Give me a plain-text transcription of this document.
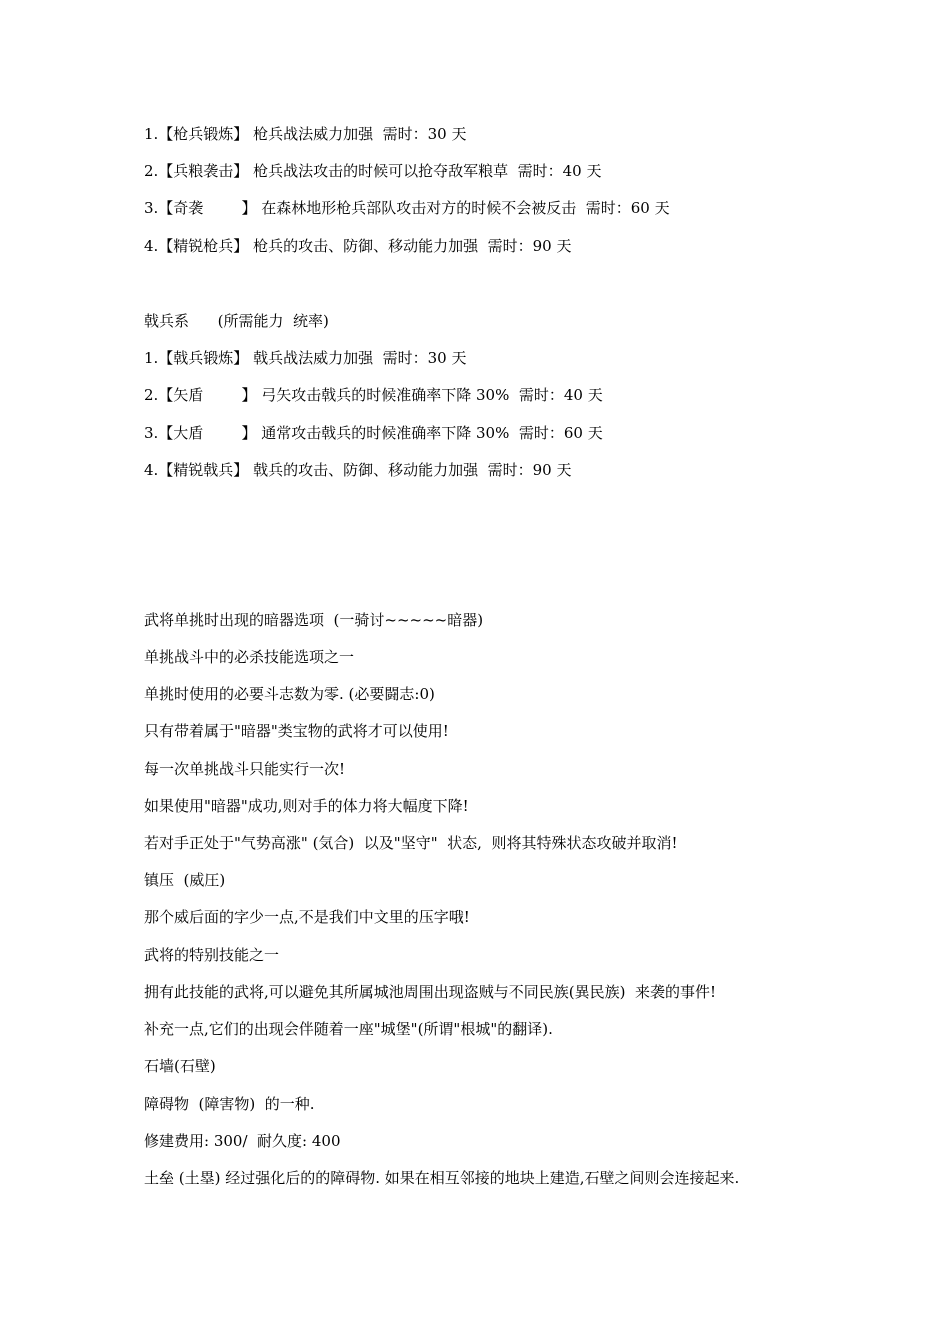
1.【枪兵锻炼】 枪兵战法威力加强  需时：30 天
2.【兵粮袭击】 枪兵战法攻击的时候可以抢夺敌军粮草  需时：40 天
3.【奇袭        】 在森林地形枪兵部队攻击对方的时候不会被反击  需时：60 天
4.【精锐枪兵】 枪兵的攻击、防御、移动能力加强  需时：90 天
戟兵系      (所需能力  统率)
1.【戟兵锻炼】 戟兵战法威力加强  需时：30 天
2.【矢盾        】 弓矢攻击戟兵的时候准确率下降 30%  需时：40 天
3.【大盾        】 通常攻击戟兵的时候准确率下降 30%  需时：60 天
4.【精锐戟兵】 戟兵的攻击、防御、移动能力加强  需时：90 天
武将单挑时出现的暗器选项  (一骑讨~~~~~暗器)
单挑战斗中的必杀技能选项之一
单挑时使用的必要斗志数为零. (必要闘志:0)
只有带着属于"暗器"类宝物的武将才可以使用!
每一次单挑战斗只能实行一次!
如果使用"暗器"成功,则对手的体力将大幅度下降!
若对手正处于"气势高涨" (気合)  以及"坚守"  状态,  则将其特殊状态攻破并取消!
镇压  (威圧)
那个威后面的字少一点,不是我们中文里的压字哦!
武将的特别技能之一
拥有此技能的武将,可以避免其所属城池周围出现盗贼与不同民族(異民族)  来袭的事件!
补充一点,它们的出现会伴随着一座"城堡"(所谓"根城"的翻译).
石墙(石壁)
障碍物  (障害物)  的一种.
修建费用: 300/  耐久度: 400
土垒 (土塁) 经过强化后的的障碍物. 如果在相互邻接的地块上建造,石壁之间则会连接起来.
